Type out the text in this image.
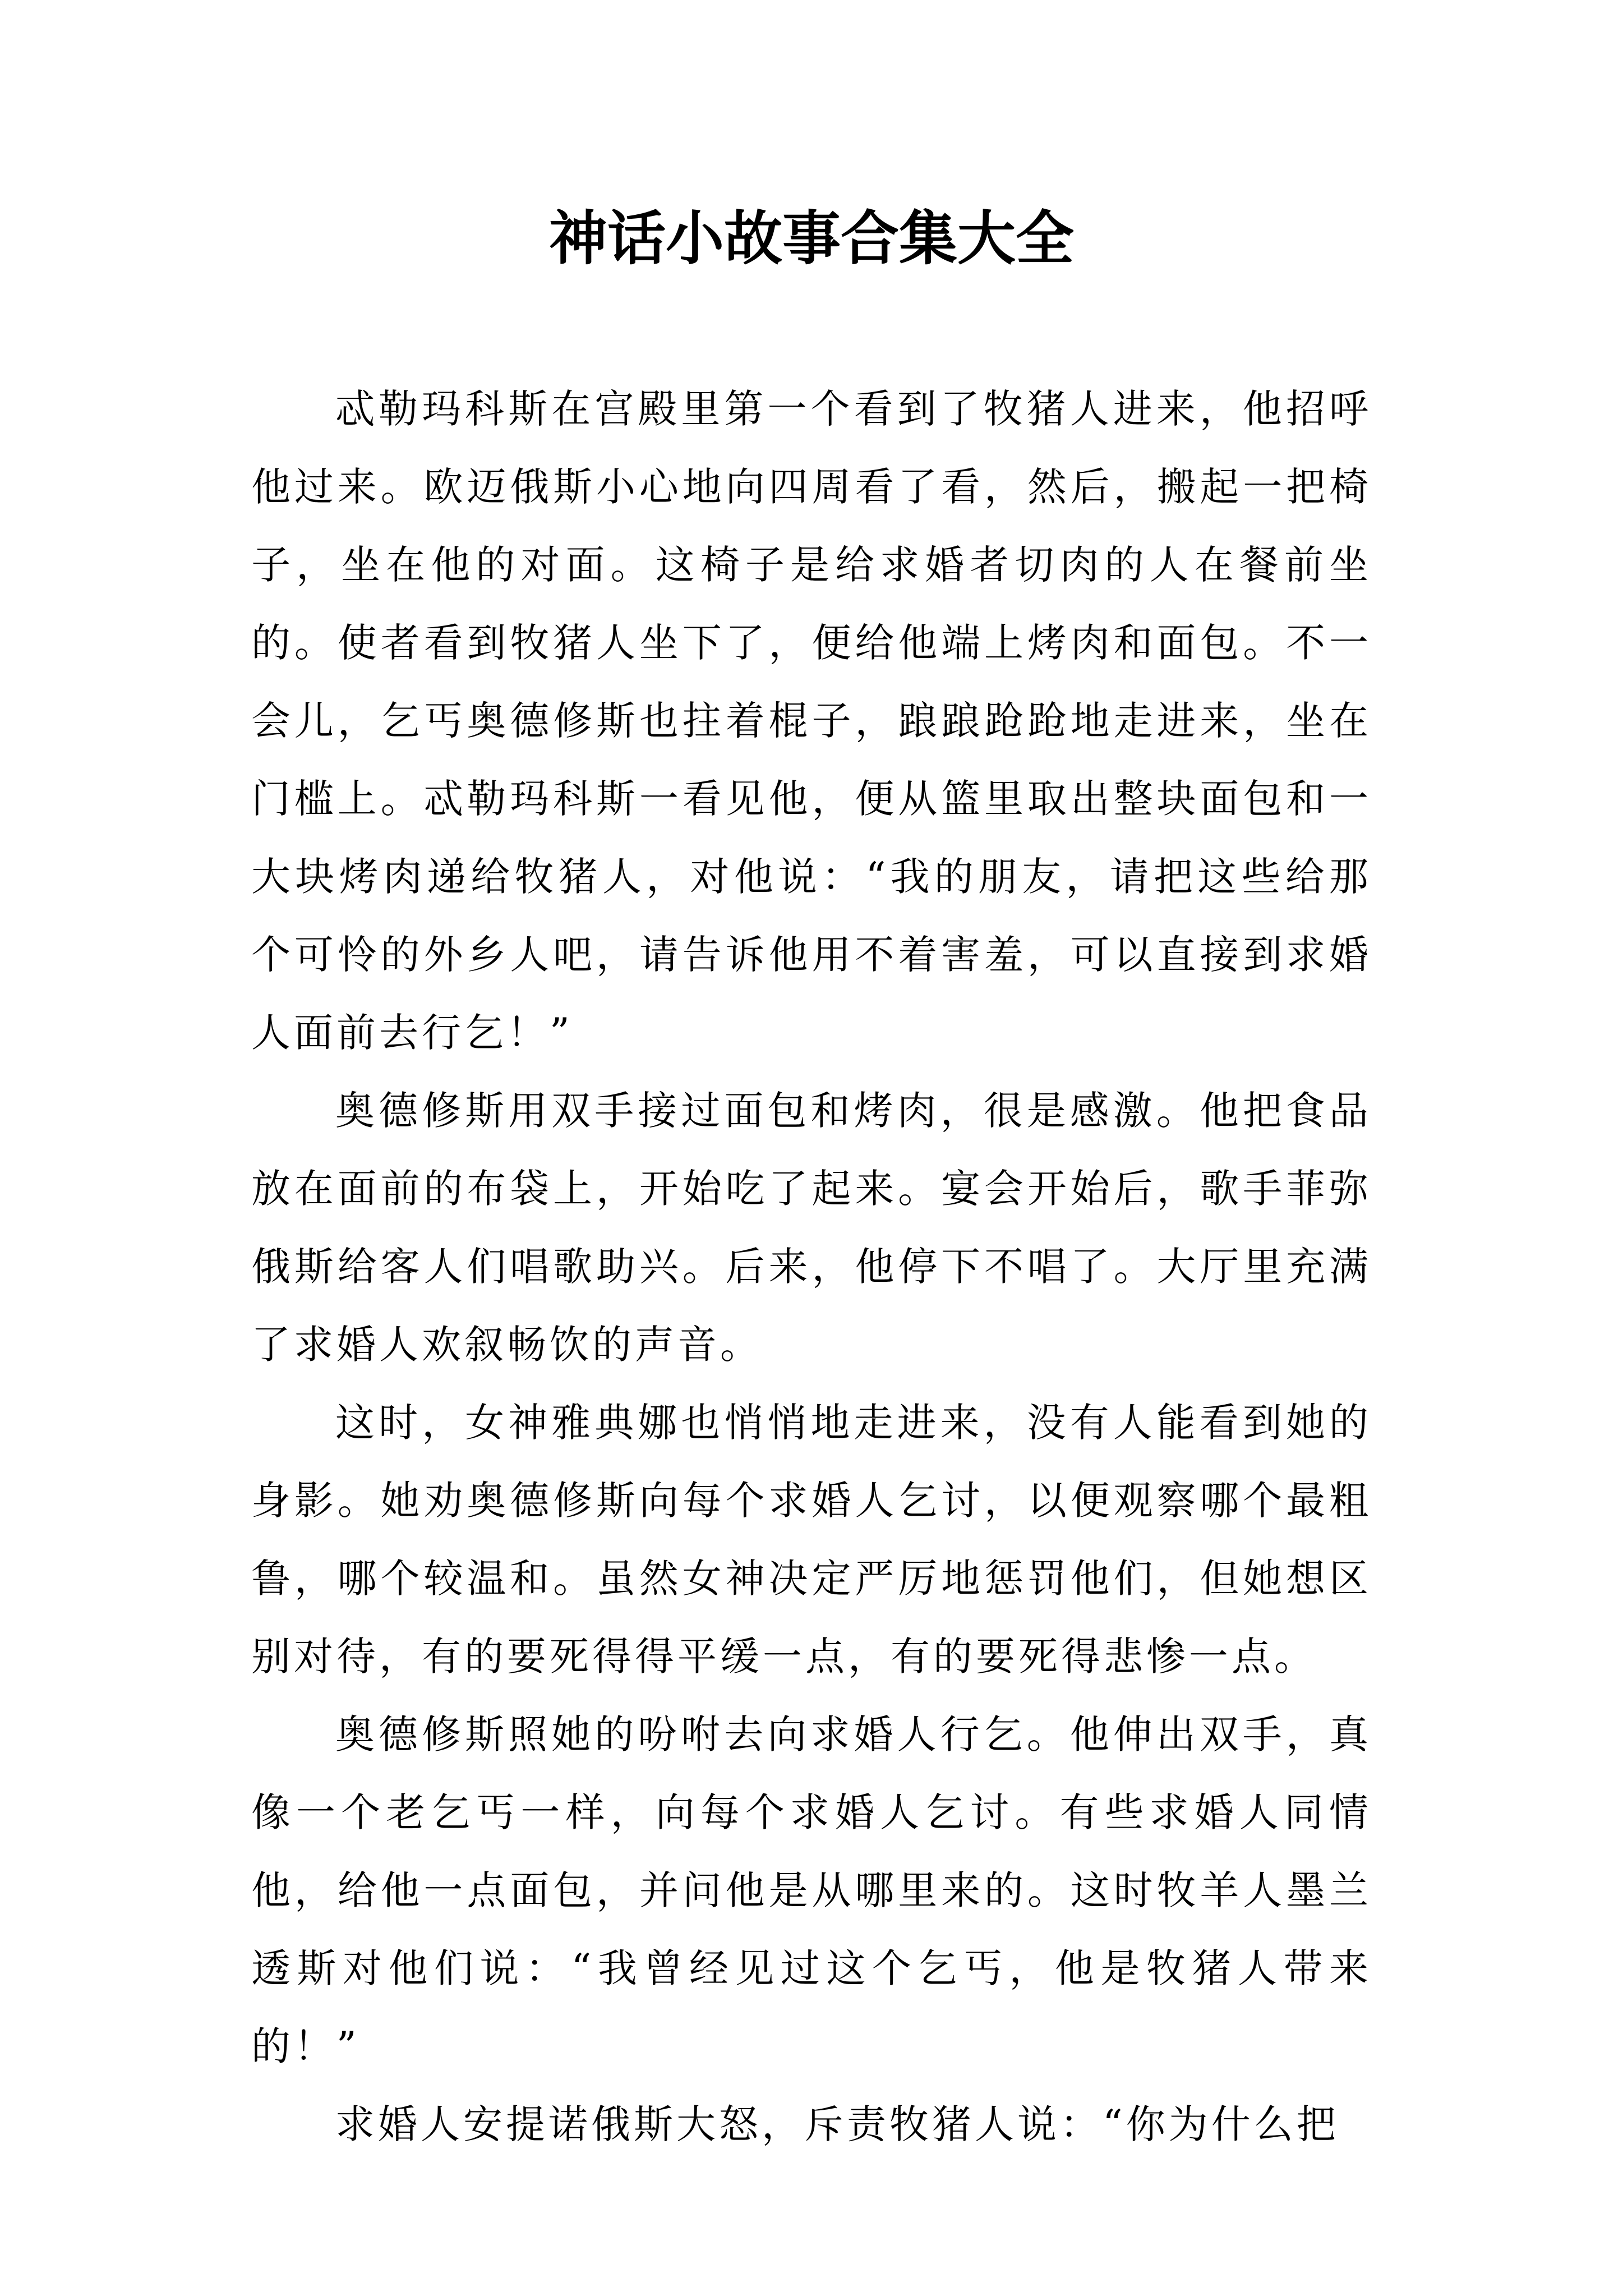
神话小故事合集大全

忒勒玛科斯在宫殿里第一个看到了牧猪人进来，他招呼他过来。欧迈俄斯小心地向四周看了看，然后，搬起一把椅子，坐在他的对面。这椅子是给求婚者切肉的人在餐前坐的。使者看到牧猪人坐下了，便给他端上烤肉和面包。不一会儿，乞丐奥德修斯也拄着棍子，踉踉跄跄地走进来，坐在门槛上。忒勒玛科斯一看见他，便从篮里取出整块面包和一大块烤肉递给牧猪人，对他说：“我的朋友，请把这些给那个可怜的外乡人吧，请告诉他用不着害羞，可以直接到求婚人面前去行乞！”

奥德修斯用双手接过面包和烤肉，很是感激。他把食品放在面前的布袋上，开始吃了起来。宴会开始后，歌手菲弥俄斯给客人们唱歌助兴。后来，他停下不唱了。大厅里充满了求婚人欢叙畅饮的声音。

这时，女神雅典娜也悄悄地走进来，没有人能看到她的身影。她劝奥德修斯向每个求婚人乞讨，以便观察哪个最粗鲁，哪个较温和。虽然女神决定严厉地惩罚他们，但她想区别对待，有的要死得得平缓一点，有的要死得悲惨一点。

奥德修斯照她的吩咐去向求婚人行乞。他伸出双手，真像一个老乞丐一样，向每个求婚人乞讨。有些求婚人同情他，给他一点面包，并问他是从哪里来的。这时牧羊人墨兰透斯对他们说：“我曾经见过这个乞丐，他是牧猪人带来的！”

求婚人安提诺俄斯大怒，斥责牧猪人说：“你为什么把
